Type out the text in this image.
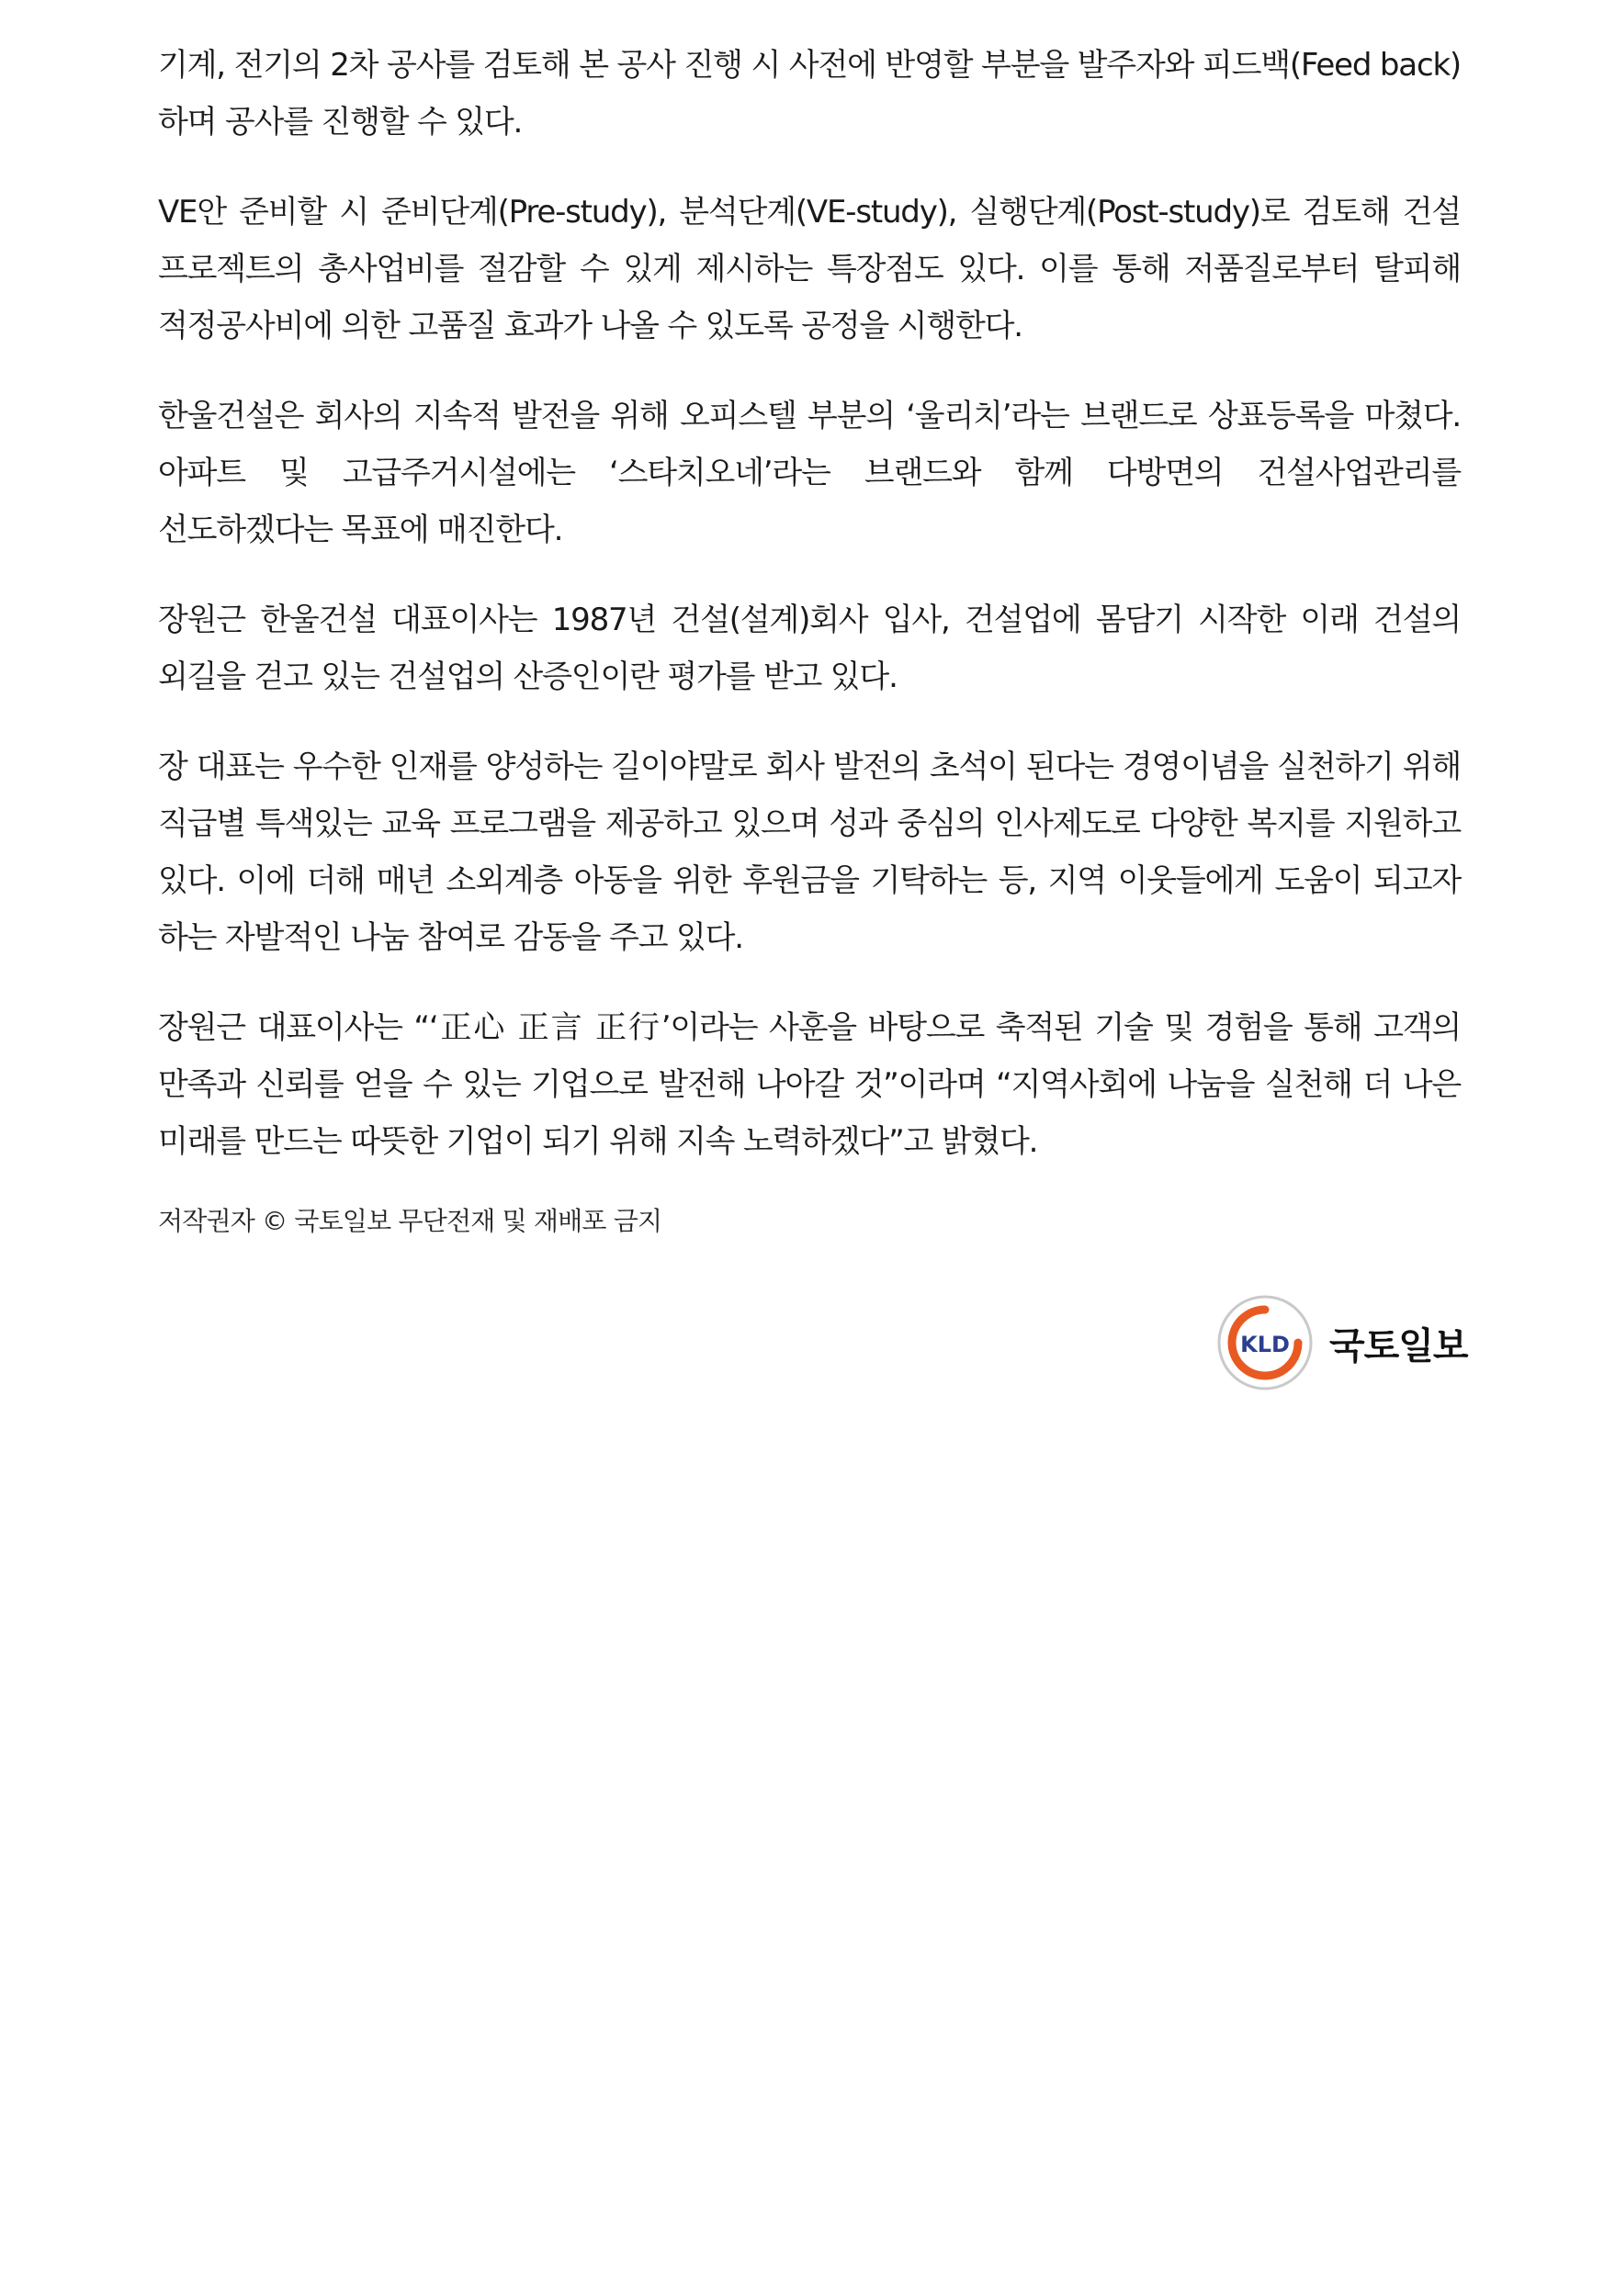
기계, 전기의 2차 공사를 검토해 본 공사 진행 시 사전에 반영할 부분을 발주자와 피드백(Feed back)하며 공사를 진행할 수 있다.

VE안 준비할 시 준비단계(Pre-study), 분석단계(VE-study), 실행단계(Post-study)로 검토해 건설 프로젝트의 총사업비를 절감할 수 있게 제시하는 특장점도 있다. 이를 통해 저품질로부터 탈피해 적정공사비에 의한 고품질 효과가 나올 수 있도록 공정을 시행한다.

한울건설은 회사의 지속적 발전을 위해 오피스텔 부분의 ‘울리치’라는 브랜드로 상표등록을 마쳤다. 아파트 및 고급주거시설에는 ‘스타치오네’라는 브랜드와 함께 다방면의 건설사업관리를 선도하겠다는 목표에 매진한다.

장원근 한울건설 대표이사는 1987년 건설(설계)회사 입사, 건설업에 몸담기 시작한 이래 건설의 외길을 걷고 있는 건설업의 산증인이란 평가를 받고 있다.

장 대표는 우수한 인재를 양성하는 길이야말로 회사 발전의 초석이 된다는 경영이념을 실천하기 위해 직급별 특색있는 교육 프로그램을 제공하고 있으며 성과 중심의 인사제도로 다양한 복지를 지원하고 있다. 이에 더해 매년 소외계층 아동을 위한 후원금을 기탁하는 등, 지역 이웃들에게 도움이 되고자 하는 자발적인 나눔 참여로 감동을 주고 있다.

장원근 대표이사는 “‘正心 正言 正行’이라는 사훈을 바탕으로 축적된 기술 및 경험을 통해 고객의 만족과 신뢰를 얻을 수 있는 기업으로 발전해 나아갈 것”이라며 “지역사회에 나눔을 실천해 더 나은 미래를 만드는 따뜻한 기업이 되기 위해 지속 노력하겠다”고 밝혔다.

저작권자 © 국토일보 무단전재 및 재배포 금지

KLD 국토일보
